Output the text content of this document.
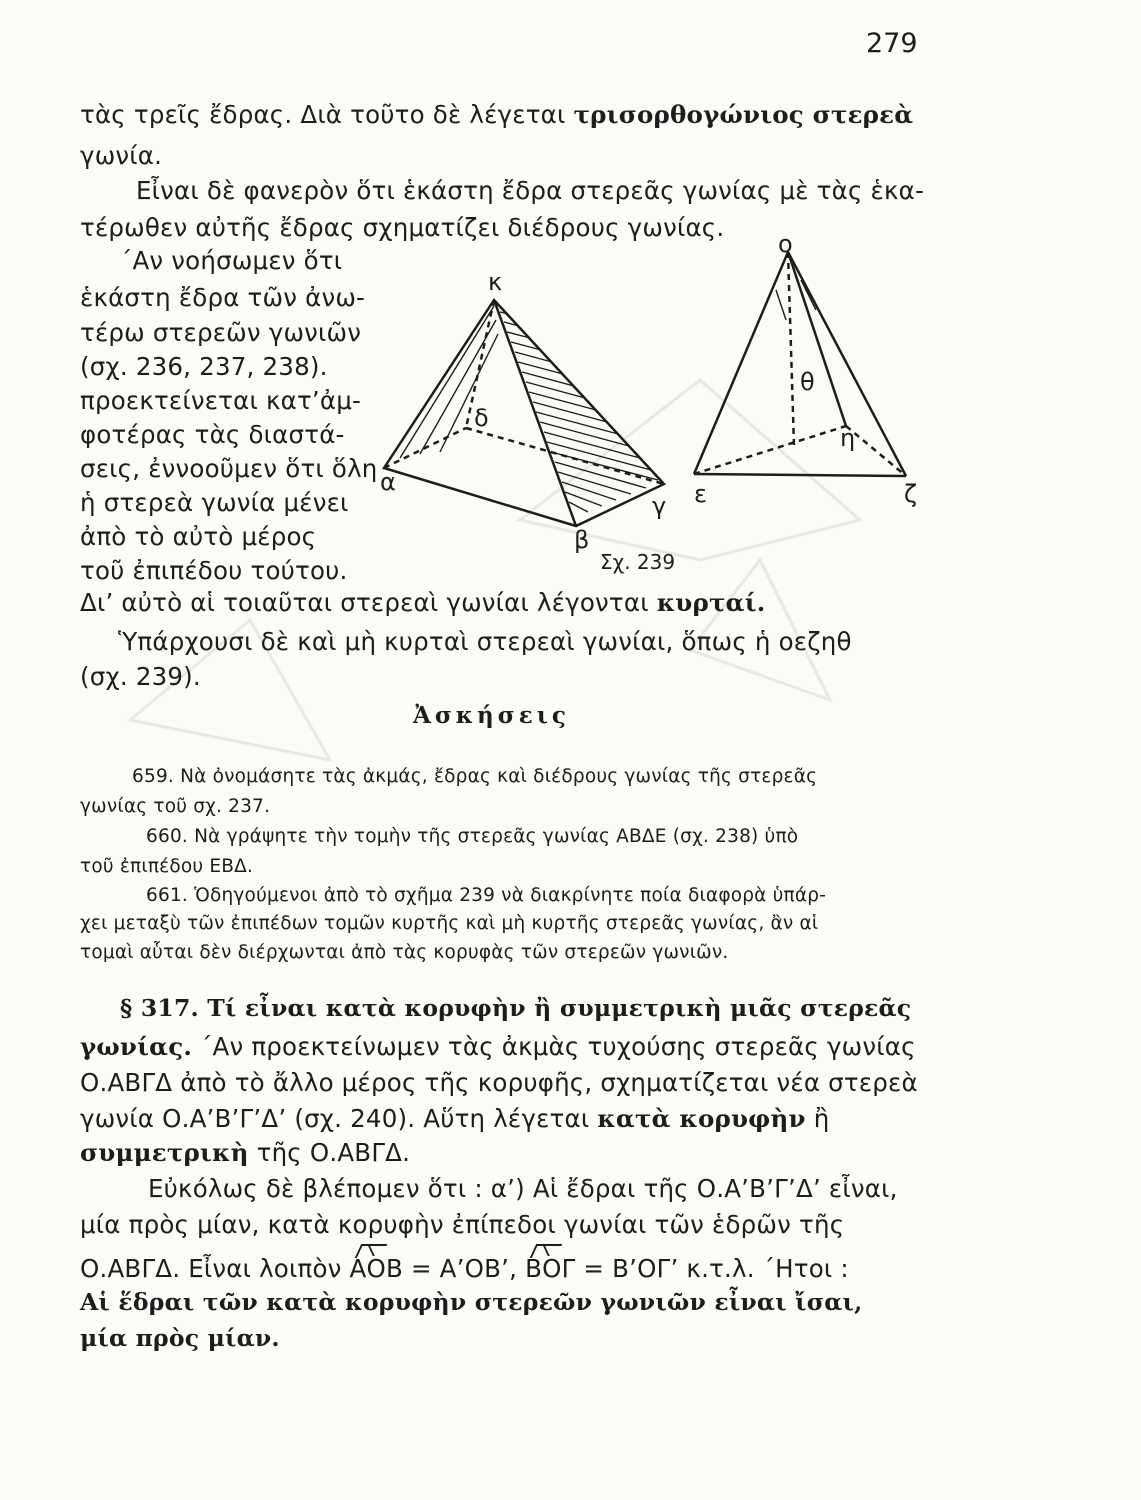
279
τὰς τρεῖς ἔδρας. Διὰ τοῦτο δὲ λέγεται τρισορθογώνιος στερεὰ
γωνία.
Εἶναι δὲ φανερὸν ὅτι ἑκάστη ἔδρα στερεᾶς γωνίας μὲ τὰς ἑκα-
τέρωθεν αὐτῆς ἔδρας σχηματίζει διέδρους γωνίας.
΄Αν νοήσωμεν ὅτι
ἑκάστη ἔδρα τῶν ἀνω-
τέρω στερεῶν γωνιῶν
(σχ. 236, 237, 238).
προεκτείνεται κατ’ἀμ-
φοτέρας τὰς διαστά-
σεις, ἐννοοῦμεν ὅτι ὅλη
ἡ στερεὰ γωνία μένει
ἀπὸ τὸ αὐτὸ μέρος
τοῦ ἐπιπέδου τούτου.
κ
α
β
γ
δ
ο
θ
η
ε	ζ
Σχ. 239
Δι’ αὐτὸ αἱ τοιαῦται στερεαὶ γωνίαι λέγονται κυρταί.
Ὑπάρχουσι δὲ καὶ μὴ κυρταὶ στερεαὶ γωνίαι, ὅπως ἡ οεζηθ
(σχ. 239).
Ἀσκήσεις
659. Νὰ ὀνομάσητε τὰς ἀκμάς, ἔδρας καὶ διέδρους γωνίας τῆς στερεᾶς
γωνίας τοῦ σχ. 237.
660. Νὰ γράψητε τὴν τομὴν τῆς στερεᾶς γωνίας ΑΒΔΕ (σχ. 238) ὑπὸ
τοῦ ἐπιπέδου ΕΒΔ.
661. Ὁδηγούμενοι ἀπὸ τὸ σχῆμα 239 νὰ διακρίνητε ποία διαφορὰ ὑπάρ-
χει μεταξὺ τῶν ἐπιπέδων τομῶν κυρτῆς καὶ μὴ κυρτῆς στερεᾶς γωνίας, ἂν αἱ
τομαὶ αὗται δὲν διέρχωνται ἀπὸ τὰς κορυφὰς τῶν στερεῶν γωνιῶν.
§ 317. Τί εἶναι κατὰ κορυφὴν ἢ συμμετρικὴ μιᾶς στερεᾶς
γωνίας. ΄Αν προεκτείνωμεν τὰς ἀκμὰς τυχούσης στερεᾶς γωνίας
Ο.ΑΒΓΔ ἀπὸ τὸ ἄλλο μέρος τῆς κορυφῆς, σχηματίζεται νέα στερεὰ
γωνία Ο.Α’Β’Γ’Δ’ (σχ. 240). Αὕτη λέγεται κατὰ κορυφὴν ἢ
συμμετρικὴ τῆς Ο.ΑΒΓΔ.
Εὐκόλως δὲ βλέπομεν ὅτι : α’) Αἱ ἔδραι τῆς Ο.Α’Β’Γ’Δ’ εἶναι,
μία πρὸς μίαν, κατὰ κορυφὴν ἐπίπεδοι γωνίαι τῶν ἑδρῶν τῆς
Ο.ΑΒΓΔ. Εἶναι λοιπὸν ΑΟΒ = Α’ΟΒ’, ΒΟΓ = Β’ΟΓ’ κ.τ.λ. ΄Ητοι :
Αἱ ἕδραι τῶν κατὰ κορυφὴν στερεῶν γωνιῶν εἶναι ἴσαι,
μία πρὸς μίαν.
